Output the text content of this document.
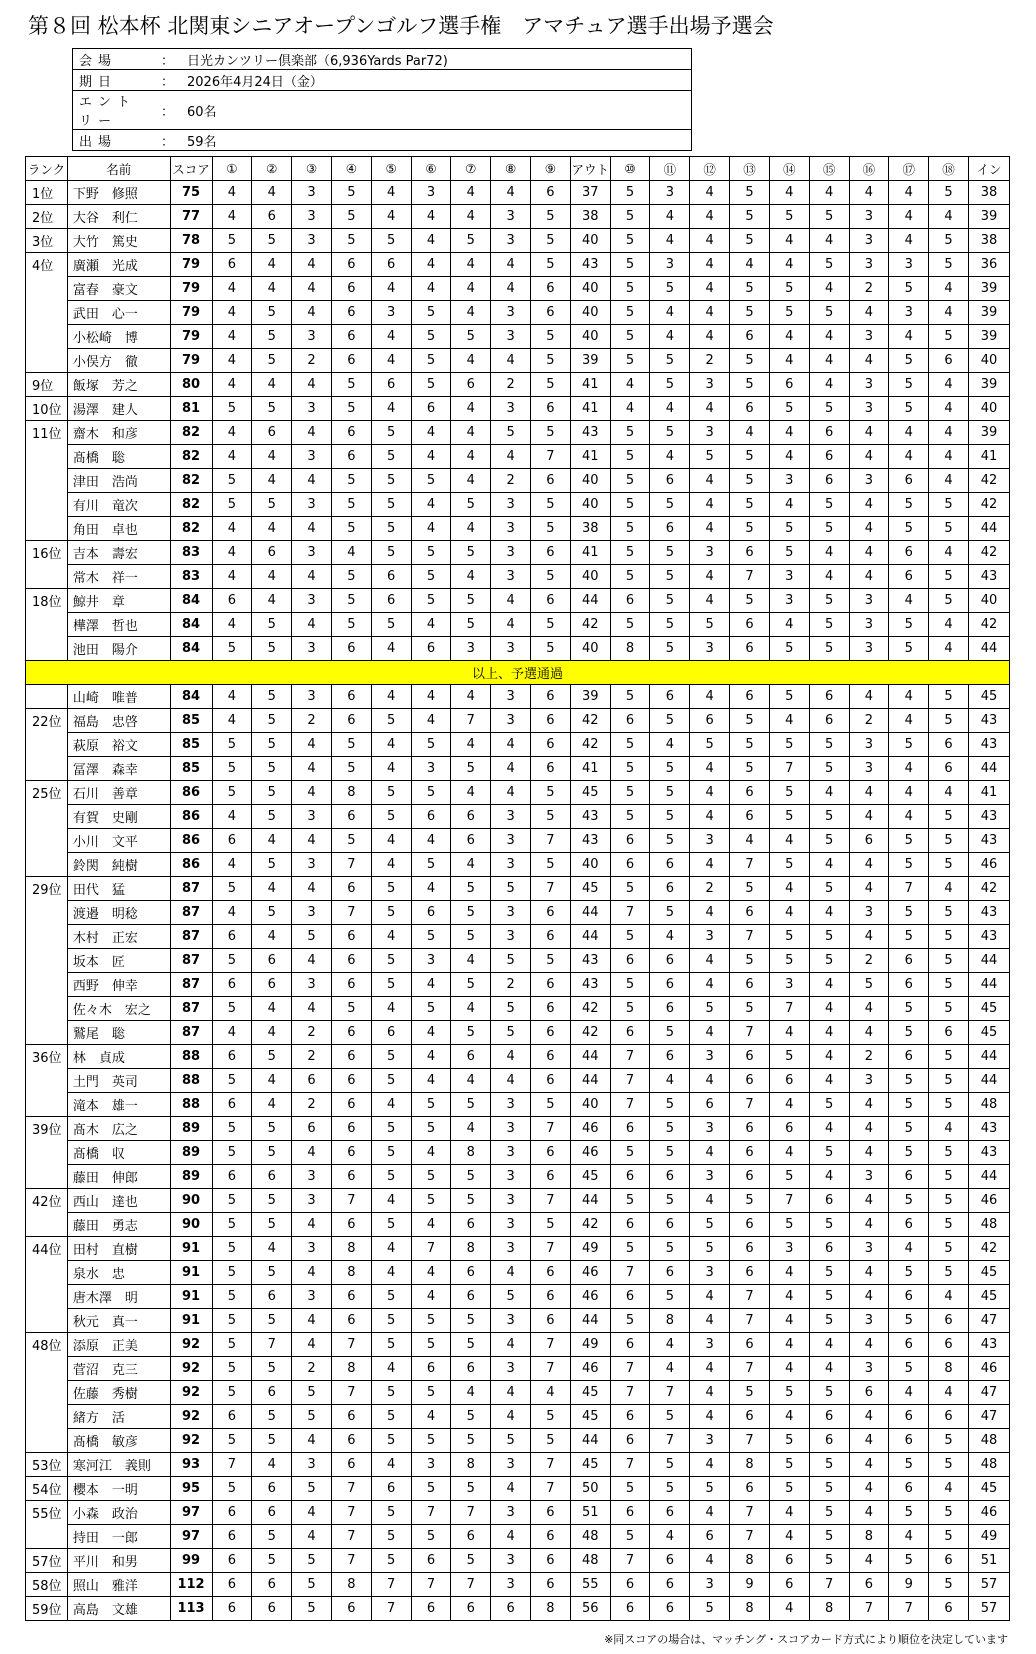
第８回 松本杯 北関東シニアオープンゴルフ選手権　アマチュア選手出場予選会
会場	：	日光カンツリー倶楽部（6,936Yards Par72)
期日	：	2026年4月24日（金）
エントリー	：	60名
出場	：	59名
ランク	名前	スコア	①	②	③	④	⑤	⑥	⑦	⑧	⑨	アウト	⑩	⑪	⑫	⑬	⑭	⑮	⑯	⑰	⑱	イン
1位	下野　修照	75	4	4	3	5	4	3	4	4	6	37	5	3	4	5	4	4	4	4	5	38
2位	大谷　利仁	77	4	6	3	5	4	4	4	3	5	38	5	4	4	5	5	5	3	4	4	39
3位	大竹　篤史	78	5	5	3	5	5	4	5	3	5	40	5	4	4	5	4	4	3	4	5	38
4位	廣瀬　光成	79	6	4	4	6	6	4	4	4	5	43	5	3	4	4	4	5	3	3	5	36
	富春　豪文	79	4	4	4	6	4	4	4	4	6	40	5	5	4	5	5	4	2	5	4	39
	武田　心一	79	4	5	4	6	3	5	4	3	6	40	5	4	4	5	5	5	4	3	4	39
	小松崎　博	79	4	5	3	6	4	5	5	3	5	40	5	4	4	6	4	4	3	4	5	39
	小俣方　徹	79	4	5	2	6	4	5	4	4	5	39	5	5	2	5	4	4	4	5	6	40
9位	飯塚　芳之	80	4	4	4	5	6	5	6	2	5	41	4	5	3	5	6	4	3	5	4	39
10位	湯澤　建人	81	5	5	3	5	4	6	4	3	6	41	4	4	4	6	5	5	3	5	4	40
11位	齋木　和彦	82	4	6	4	6	5	4	4	5	5	43	5	5	3	4	4	6	4	4	4	39
	髙橋　聡	82	4	4	3	6	5	4	4	4	7	41	5	4	5	5	4	6	4	4	4	41
	津田　浩尚	82	5	4	4	5	5	5	4	2	6	40	5	6	4	5	3	6	3	6	4	42
	有川　竜次	82	5	5	3	5	5	4	5	3	5	40	5	5	4	5	4	5	4	5	5	42
	角田　卓也	82	4	4	4	5	5	4	4	3	5	38	5	6	4	5	5	5	4	5	5	44
16位	吉本　壽宏	83	4	6	3	4	5	5	5	3	6	41	5	5	3	6	5	4	4	6	4	42
	常木　祥一	83	4	4	4	5	6	5	4	3	5	40	5	5	4	7	3	4	4	6	5	43
18位	鯨井　章	84	6	4	3	5	6	5	5	4	6	44	6	5	4	5	3	5	3	4	5	40
	樺澤　哲也	84	4	5	4	5	5	4	5	4	5	42	5	5	5	6	4	5	3	5	4	42
	池田　陽介	84	5	5	3	6	4	6	3	3	5	40	8	5	3	6	5	5	3	5	4	44
以上、予選通過																						
	山崎　唯普	84	4	5	3	6	4	4	4	3	6	39	5	6	4	6	5	6	4	4	5	45
22位	福島　忠啓	85	4	5	2	6	5	4	7	3	6	42	6	5	6	5	4	6	2	4	5	43
	萩原　裕文	85	5	5	4	5	4	5	4	4	6	42	5	4	5	5	5	5	3	5	6	43
	冨澤　森幸	85	5	5	4	5	4	3	5	4	6	41	5	5	4	5	7	5	3	4	6	44
25位	石川　善章	86	5	5	4	8	5	5	4	4	5	45	5	5	4	6	5	4	4	4	4	41
	有賀　史剛	86	4	5	3	6	5	6	6	3	5	43	5	5	4	6	5	5	4	4	5	43
	小川　文平	86	6	4	4	5	4	4	6	3	7	43	6	5	3	4	4	5	6	5	5	43
	鈴関　純樹	86	4	5	3	7	4	5	4	3	5	40	6	6	4	7	5	4	4	5	5	46
29位	田代　猛	87	5	4	4	6	5	4	5	5	7	45	5	6	2	5	4	5	4	7	4	42
	渡邉　明稔	87	4	5	3	7	5	6	5	3	6	44	7	5	4	6	4	4	3	5	5	43
	木村　正宏	87	6	4	5	6	4	5	5	3	6	44	5	4	3	7	5	5	4	5	5	43
	坂本　匠	87	5	6	4	6	5	3	4	5	5	43	6	6	4	5	5	5	2	6	5	44
	西野　伸幸	87	6	6	3	6	5	4	5	2	6	43	5	6	4	6	3	4	5	6	5	44
	佐々木　宏之	87	5	4	4	5	4	5	4	5	6	42	5	6	5	5	7	4	4	5	5	45
	鷲尾　聡	87	4	4	2	6	6	4	5	5	6	42	6	5	4	7	4	4	4	5	6	45
36位	林　貞成	88	6	5	2	6	5	4	6	4	6	44	7	6	3	6	5	4	2	6	5	44
	土門　英司	88	5	4	6	6	5	4	4	4	6	44	7	4	4	6	6	4	3	5	5	44
	滝本　雄一	88	6	4	2	6	4	5	5	3	5	40	7	5	6	7	4	5	4	5	5	48
39位	髙木　広之	89	5	5	6	6	5	5	4	3	7	46	6	5	3	6	6	4	4	5	4	43
	髙橋　収	89	5	5	4	6	5	4	8	3	6	46	5	5	4	6	4	5	4	5	5	43
	藤田　伸郎	89	6	6	3	6	5	5	5	3	6	45	6	6	3	6	5	4	3	6	5	44
42位	西山　達也	90	5	5	3	7	4	5	5	3	7	44	5	5	4	5	7	6	4	5	5	46
	藤田　勇志	90	5	5	4	6	5	4	6	3	5	42	6	6	5	6	5	5	4	6	5	48
44位	田村　直樹	91	5	4	3	8	4	7	8	3	7	49	5	5	5	6	3	6	3	4	5	42
	泉水　忠	91	5	5	4	8	4	4	6	4	6	46	7	6	3	6	4	5	4	5	5	45
	唐木澤　明	91	5	6	3	6	5	4	6	5	6	46	6	5	4	7	4	5	4	6	4	45
	秋元　真一	91	5	5	4	6	5	5	5	3	6	44	5	8	4	7	4	5	3	5	6	47
48位	添原　正美	92	5	7	4	7	5	5	5	4	7	49	6	4	3	6	4	4	4	6	6	43
	菅沼　克三	92	5	5	2	8	4	6	6	3	7	46	7	4	4	7	4	4	3	5	8	46
	佐藤　秀樹	92	5	6	5	7	5	5	4	4	4	45	7	7	4	5	5	5	6	4	4	47
	緒方　活	92	6	5	5	6	5	4	5	4	5	45	6	5	4	6	4	6	4	6	6	47
	髙橋　敏彦	92	5	5	4	6	5	5	5	5	5	44	6	7	3	7	5	6	4	6	5	48
53位	寒河江　義則	93	7	4	3	6	4	3	8	3	7	45	7	5	4	8	5	5	4	5	5	48
54位	櫻本　一明	95	5	6	5	7	6	5	5	4	7	50	5	5	5	6	5	5	4	6	4	45
55位	小森　政治	97	6	6	4	7	5	7	7	3	6	51	6	6	4	7	4	5	4	5	5	46
	持田　一郎	97	6	5	4	7	5	5	6	4	6	48	5	4	6	7	4	5	8	4	5	49
57位	平川　和男	99	6	5	5	7	5	6	5	3	6	48	7	6	4	8	6	5	4	5	6	51
58位	照山　雅洋	112	6	6	5	8	7	7	7	3	6	55	6	6	3	9	6	7	6	9	5	57
59位	高島　文雄	113	6	6	5	6	7	6	6	6	8	56	6	6	5	8	4	8	7	7	6	57
※同スコアの場合は、マッチング・スコアカード方式により順位を決定しています
